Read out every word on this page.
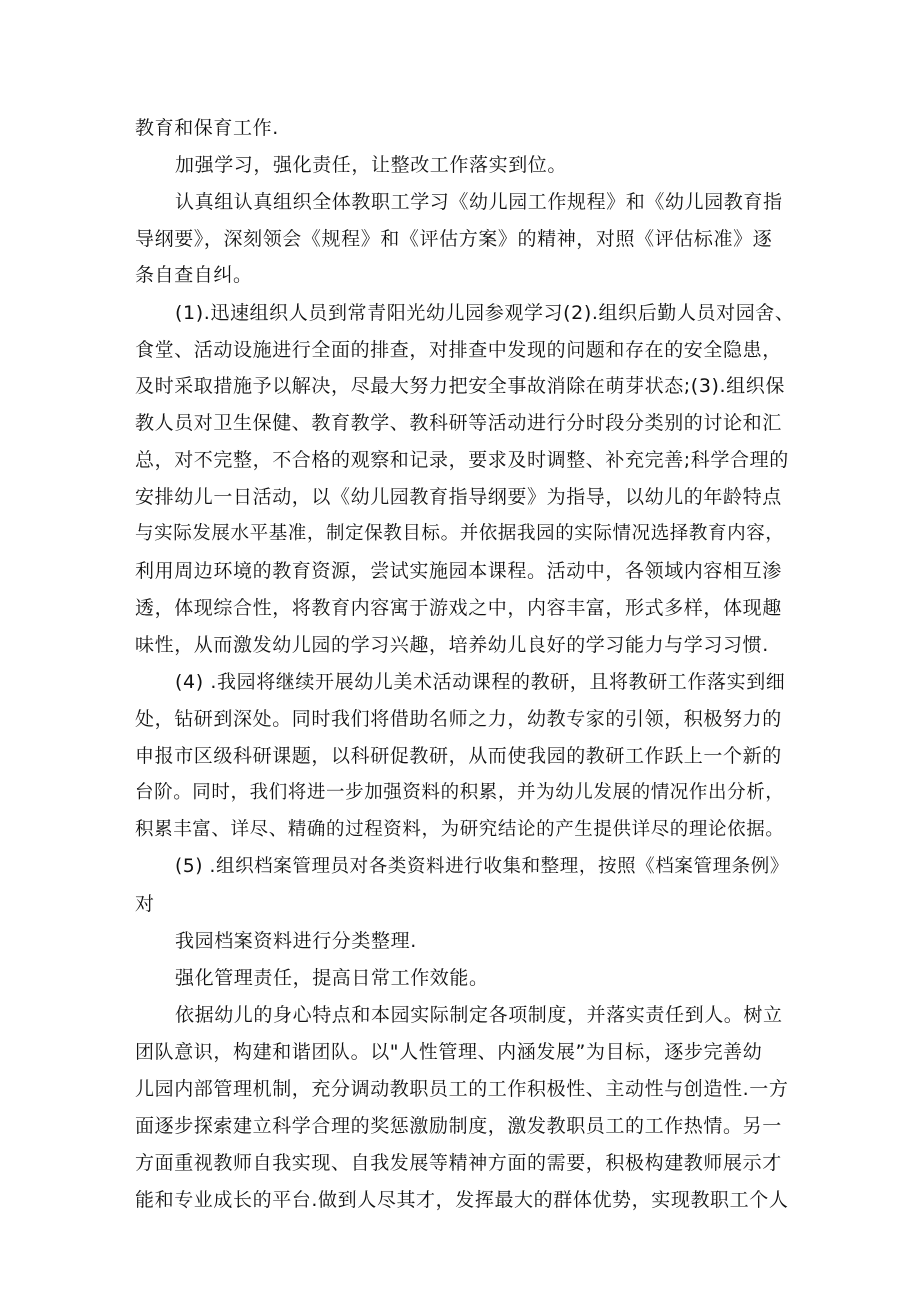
教育和保育工作.
加强学习，强化责任，让整改工作落实到位。
认真组认真组织全体教职工学习《幼儿园工作规程》和《幼儿园教育指
导纲要》，深刻领会《规程》和《评估方案》的精神，对照《评估标准》逐
条自查自纠。
(1).迅速组织人员到常青阳光幼儿园参观学习(2).组织后勤人员对园舍、
食堂、活动设施进行全面的排查，对排查中发现的问题和存在的安全隐患，
及时采取措施予以解决，尽最大努力把安全事故消除在萌芽状态;(3).组织保
教人员对卫生保健、教育教学、教科研等活动进行分时段分类别的讨论和汇
总，对不完整，不合格的观察和记录，要求及时调整、补充完善;科学合理的
安排幼儿一日活动，以《幼儿园教育指导纲要》为指导，以幼儿的年龄特点
与实际发展水平基准，制定保教目标。并依据我园的实际情况选择教育内容，
利用周边环境的教育资源，尝试实施园本课程。活动中，各领域内容相互渗
透，体现综合性，将教育内容寓于游戏之中，内容丰富，形式多样，体现趣
味性，从而激发幼儿园的学习兴趣，培养幼儿良好的学习能力与学习习惯.
(4) .我园将继续开展幼儿美术活动课程的教研，且将教研工作落实到细
处，钻研到深处。同时我们将借助名师之力，幼教专家的引领，积极努力的
申报市区级科研课题，以科研促教研，从而使我园的教研工作跃上一个新的
台阶。同时，我们将进一步加强资料的积累，并为幼儿发展的情况作出分析，
积累丰富、详尽、精确的过程资料，为研究结论的产生提供详尽的理论依据。
(5) .组织档案管理员对各类资料进行收集和整理，按照《档案管理条例》
对
我园档案资料进行分类整理.
强化管理责任，提高日常工作效能。
依据幼儿的身心特点和本园实际制定各项制度，并落实责任到人。树立
团队意识，构建和谐团队。以"人性管理、内涵发展”为目标，逐步完善幼
儿园内部管理机制，充分调动教职员工的工作积极性、主动性与创造性.一方
面逐步探索建立科学合理的奖惩激励制度，激发教职员工的工作热情。另一
方面重视教师自我实现、自我发展等精神方面的需要，积极构建教师展示才
能和专业成长的平台.做到人尽其才，发挥最大的群体优势，实现教职工个人
